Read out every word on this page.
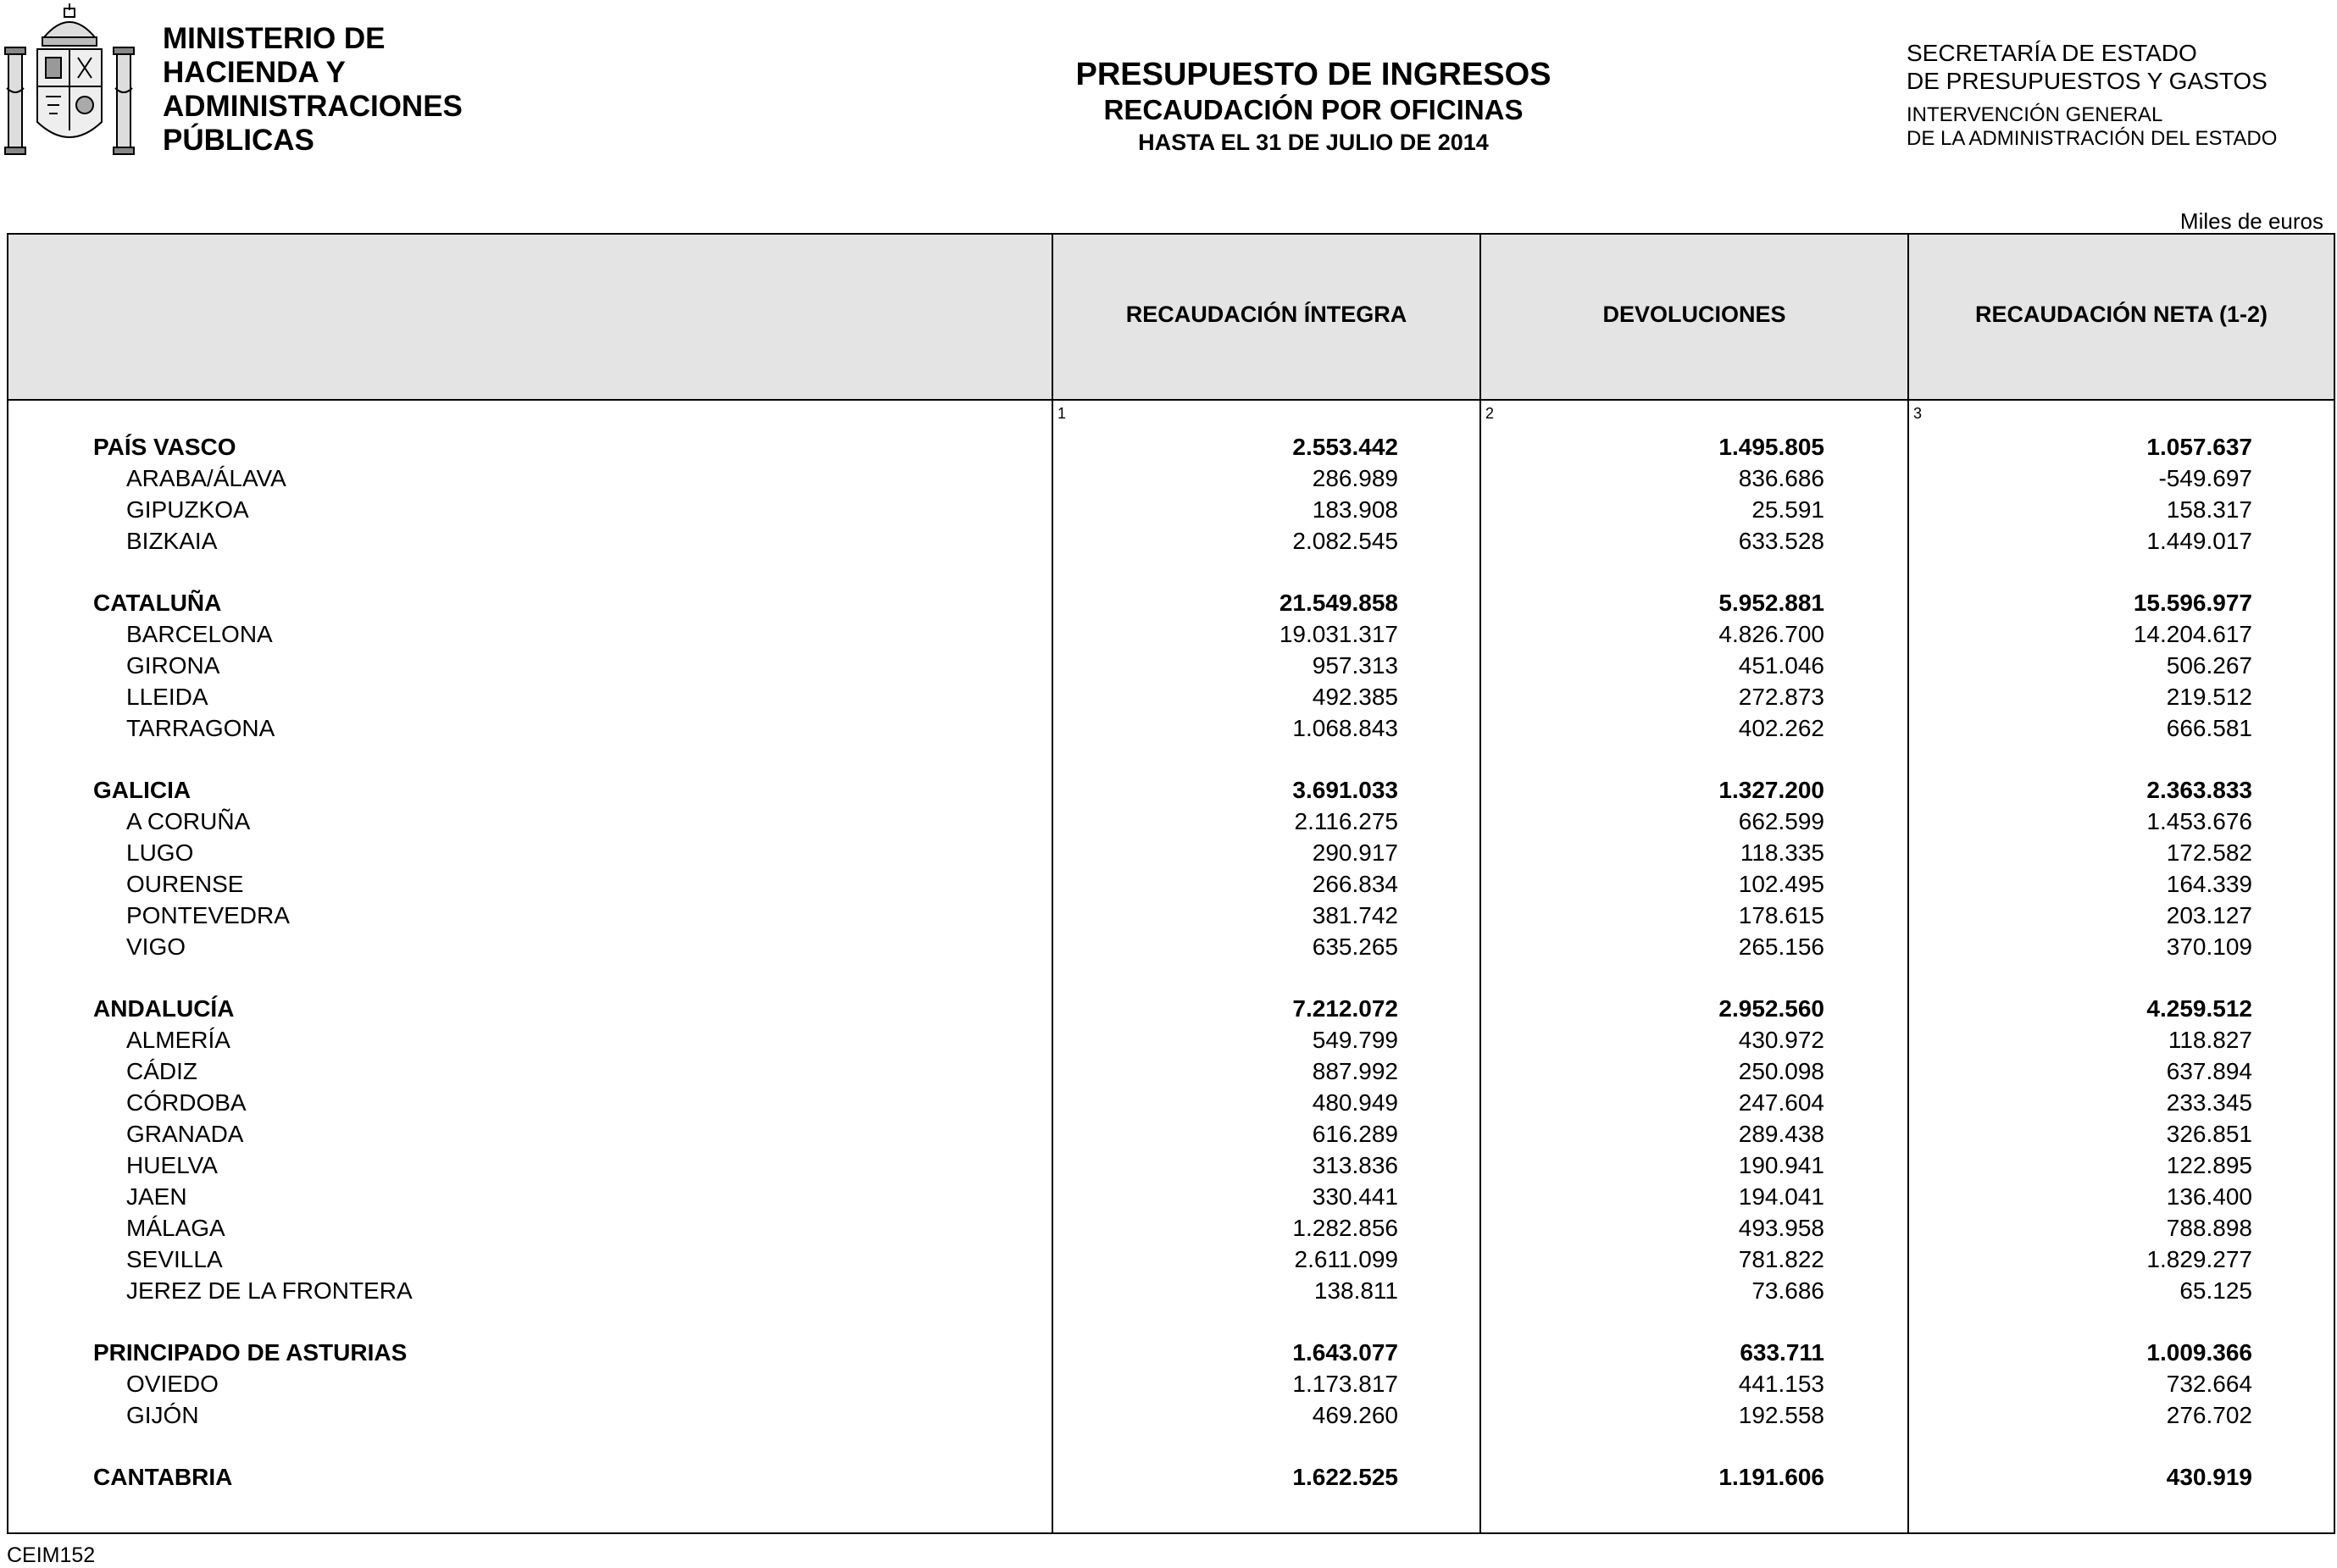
MINISTERIO DE
HACIENDA Y
ADMINISTRACIONES
PÚBLICAS
PRESUPUESTO DE INGRESOS
RECAUDACIÓN POR OFICINAS
HASTA EL 31 DE JULIO DE 2014
SECRETARÍA DE ESTADO
DE PRESUPUESTOS Y GASTOS
INTERVENCIÓN GENERAL
DE LA ADMINISTRACIÓN DEL ESTADO
Miles de euros
RECAUDACIÓN ÍNTEGRA	DEVOLUCIONES	RECAUDACIÓN NETA (1-2)
1	2	3
PAÍS VASCO	2.553.442	1.495.805	1.057.637
ARABA/ÁLAVA	286.989	836.686	-549.697
GIPUZKOA	183.908	25.591	158.317
BIZKAIA	2.082.545	633.528	1.449.017
CATALUÑA	21.549.858	5.952.881	15.596.977
BARCELONA	19.031.317	4.826.700	14.204.617
GIRONA	957.313	451.046	506.267
LLEIDA	492.385	272.873	219.512
TARRAGONA	1.068.843	402.262	666.581
GALICIA	3.691.033	1.327.200	2.363.833
A CORUÑA	2.116.275	662.599	1.453.676
LUGO	290.917	118.335	172.582
OURENSE	266.834	102.495	164.339
PONTEVEDRA	381.742	178.615	203.127
VIGO	635.265	265.156	370.109
ANDALUCÍA	7.212.072	2.952.560	4.259.512
ALMERÍA	549.799	430.972	118.827
CÁDIZ	887.992	250.098	637.894
CÓRDOBA	480.949	247.604	233.345
GRANADA	616.289	289.438	326.851
HUELVA	313.836	190.941	122.895
JAEN	330.441	194.041	136.400
MÁLAGA	1.282.856	493.958	788.898
SEVILLA	2.611.099	781.822	1.829.277
JEREZ DE LA FRONTERA	138.811	73.686	65.125
PRINCIPADO DE ASTURIAS	1.643.077	633.711	1.009.366
OVIEDO	1.173.817	441.153	732.664
GIJÓN	469.260	192.558	276.702
CANTABRIA	1.622.525	1.191.606	430.919
CEIM152
